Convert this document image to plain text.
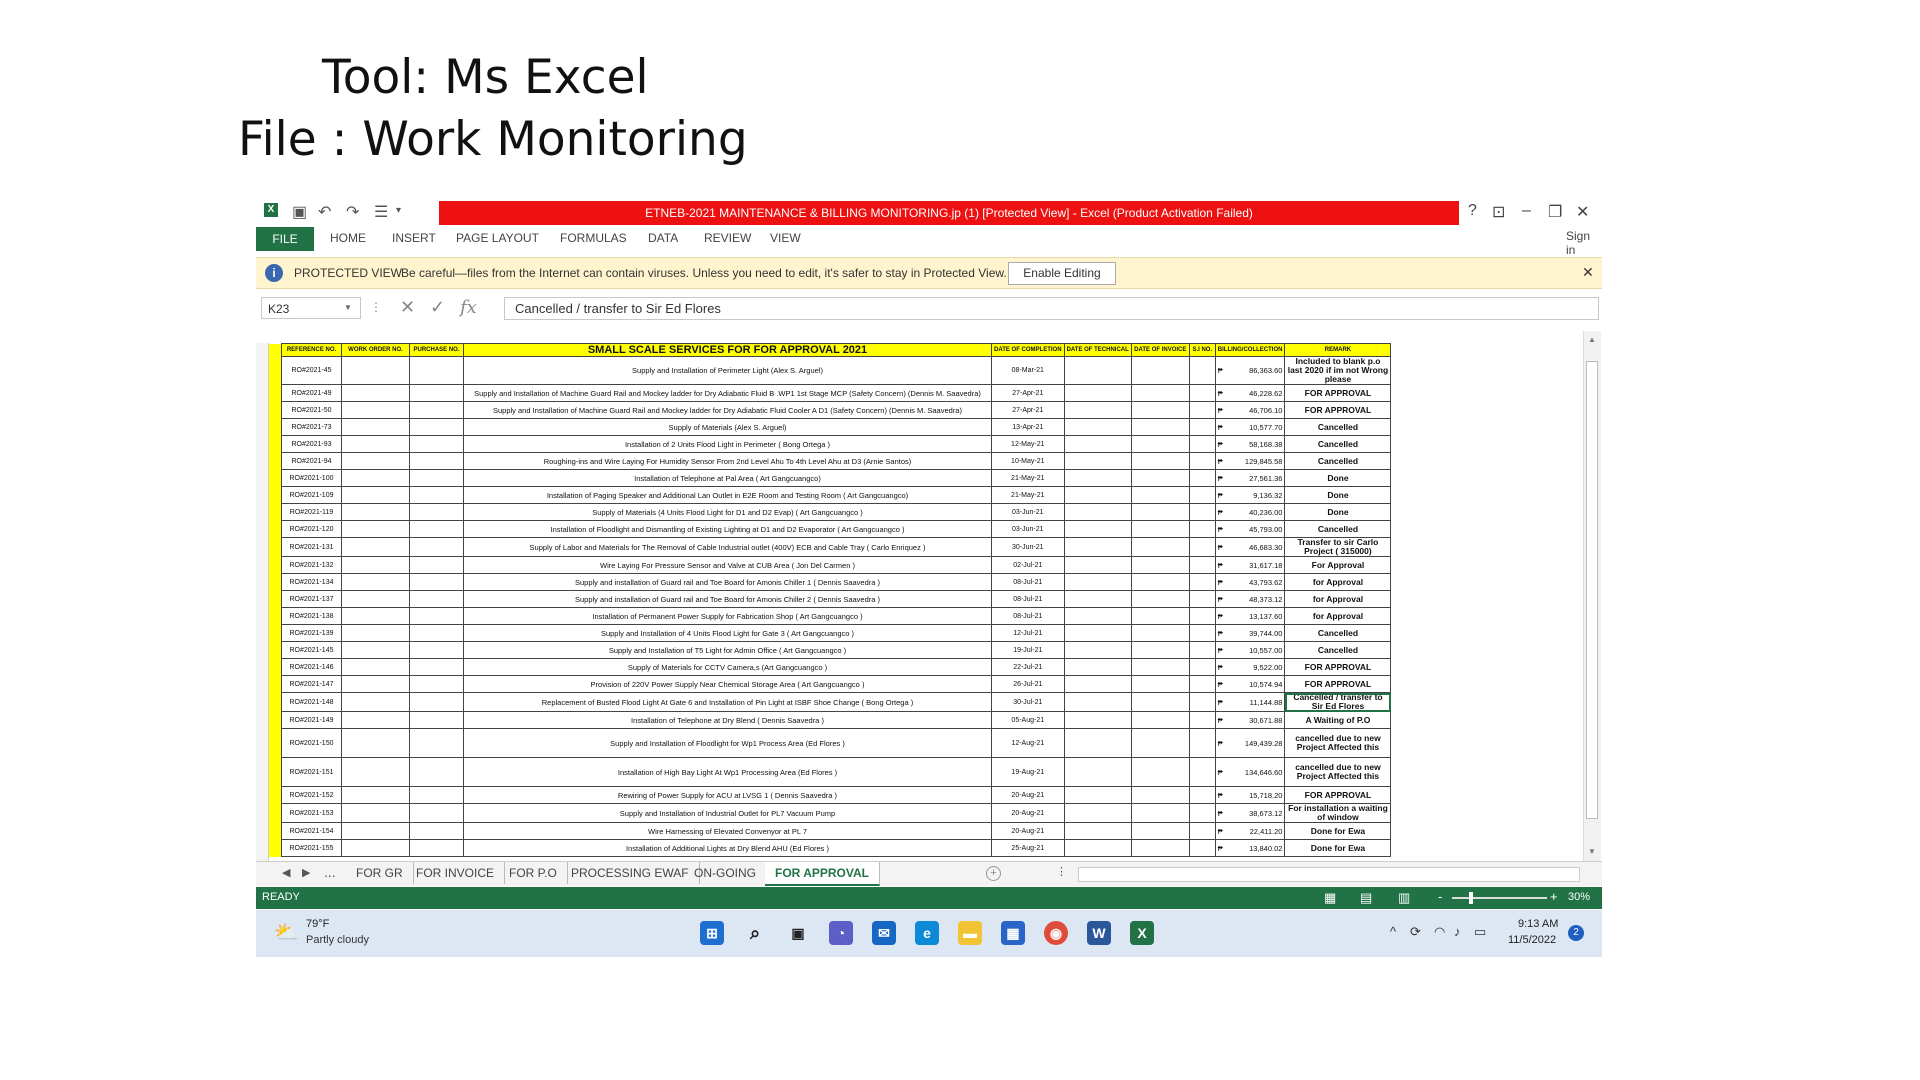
Tool: Ms Excel
File : Work Monitoring
X ▣ ↶ ↷ ☰ ▾	ETNEB-2021 MAINTENANCE & BILLING MONITORING.jp (1) [Protected View] - Excel (Product Activation Failed)	? ⊡ – ❐ ✕
FILE	HOME INSERT PAGE LAYOUT FORMULAS DATA REVIEW VIEW	Sign in
i	PROTECTED VIEW
Be careful—files from the Internet can contain viruses. Unless you need to edit, it's safer to stay in Protected View.	Enable Editing	✕
K23	▼ ⋮ ✕ ✓ fx	Cancelled / transfer to Sir Ed Flores
	REFERENCE NO.	WORK ORDER NO.	PURCHASE NO.	SMALL SCALE SERVICES FOR FOR APPROVAL 2021	DATE OF COMPLETION	DATE OF TECHNICAL	DATE OF INVOICE	S.I NO.	BILLING/COLLECTION	REMARK
	RO#2021-45			Supply and Installation of Perimeter Light (Alex S. Arguel)	08-Mar-21				₱ 86,363.60	Included to blank p.o last 2020 if im not Wrong please
	RO#2021-49			Supply and Installation of Machine Guard Rail and Mockey ladder for Dry Adiabatic Fluid B .WP1 1st Stage MCP (Safety Concern) (Dennis M. Saavedra)	27-Apr-21				₱ 46,228.62	FOR APPROVAL
	RO#2021-50			Supply and Installation of Machine Guard Rail and Mockey ladder for Dry Adiabatic Fluid Cooler A D1 (Safety Concern) (Dennis M. Saavedra)	27-Apr-21				₱ 46,706.10	FOR APPROVAL
	RO#2021-73			Supply of Materials (Alex S. Arguel)	13-Apr-21				₱ 10,577.70	Cancelled
	RO#2021-93			Installation of 2 Units Flood Light in Perimeter ( Bong Ortega )	12-May-21				₱ 58,168.38	Cancelled
	RO#2021-94			Roughing-ins and Wire Laying For Humidity Sensor From 2nd Level Ahu To 4th Level Ahu at D3 (Arnie Santos)	10-May-21				₱ 129,845.58	Cancelled
	RO#2021-100			Installation of Telephone at Pal Area ( Art Gangcuangco)	21-May-21				₱ 27,561.36	Done
	RO#2021-109			Installation of Paging Speaker and Additional Lan Outlet in E2E Room and Testing Room ( Art Gangcuangco)	21-May-21				₱ 9,136.32	Done
	RO#2021-119			Supply of Materials (4 Units Flood Light for D1 and D2 Evap) ( Art Gangcuangco )	03-Jun-21				₱ 40,236.00	Done
	RO#2021-120			Installation of Floodlight and Dismantling of Existing Lighting at D1 and D2 Evaporator ( Art Gangcuangco )	03-Jun-21				₱ 45,793.00	Cancelled
	RO#2021-131			Supply of Labor and Materials for The Removal of Cable Industrial outlet (400V) ECB and Cable Tray ( Carlo Enriquez )	30-Jun-21				₱ 46,683.30	Transfer to sir Carlo Project ( 315000)
	RO#2021-132			Wire Laying For Pressure Sensor and Valve at CUB Area ( Jon Del Carmen )	02-Jul-21				₱ 31,617.18	For Approval
	RO#2021-134			Supply and installation of Guard rail and Toe Board for Amonis Chiller 1 ( Dennis Saavedra )	08-Jul-21				₱ 43,793.62	for Approval
	RO#2021-137			Supply and installation of Guard rail and Toe Board for Amonis Chiller 2 ( Dennis Saavedra )	08-Jul-21				₱ 48,373.12	for Approval
	RO#2021-138			Installation of Permanent Power Supply for Fabrication Shop ( Art Gangcuangco )	08-Jul-21				₱ 13,137.60	for Approval
	RO#2021-139			Supply and Installation of 4 Units Flood Light for Gate 3 ( Art Gangcuangco )	12-Jul-21				₱ 39,744.00	Cancelled
	RO#2021-145			Supply and Installation of T5 Light for Admin Office ( Art Gangcuangco )	19-Jul-21				₱ 10,557.00	Cancelled
	RO#2021-146			Supply of Materials for CCTV Camera,s (Art Gangcuangco )	22-Jul-21				₱ 9,522.00	FOR APPROVAL
	RO#2021-147			Provision of 220V Power Supply Near Chemical Storage Area ( Art Gangcuangco )	26-Jul-21				₱ 10,574.94	FOR APPROVAL
	RO#2021-148			Replacement of Busted Flood Light At Gate 6 and Installation of Pin Light at ISBF Shoe Change ( Bong Ortega )	30-Jul-21				₱ 11,144.88	Cancelled / transfer to Sir Ed Flores
	RO#2021-149			Installation of Telephone at Dry Blend ( Dennis Saavedra )	05-Aug-21				₱ 30,671.88	A Waiting of P.O
	RO#2021-150			Supply and Installation of Floodlight for Wp1 Process Area (Ed Flores )	12-Aug-21				₱ 149,439.28	cancelled due to new Project Affected this
	RO#2021-151			Installation of High Bay Light At Wp1 Processing Area (Ed Flores )	19-Aug-21				₱ 134,646.60	cancelled due to new Project Affected this
	RO#2021-152			Rewiring of Power Supply for ACU at LVSG 1 ( Dennis Saavedra )	20-Aug-21				₱ 15,718.20	FOR APPROVAL
	RO#2021-153			Supply and Installation of Industrial Outlet for PL7 Vacuum Pump	20-Aug-21				₱ 38,673.12	For installation a waiting of window
	RO#2021-154			Wire Harnessing of Elevated Convenyor at PL 7	20-Aug-21				₱ 22,411.20	Done for Ewa
	RO#2021-155			Installation of Additional Lights at Dry Blend AHU (Ed Flores )	25-Aug-21				₱ 13,840.02	Done for Ewa
▲
▼
◀ ▶ ...	FOR GR	FOR INVOICE	FOR P.O	PROCESSING EWAF ON-GOING	FOR APPROVAL	+	⋮
READY	▦ ▤ ▥ -	+ 30%
⛅ 79°F
Partly cloudy	⊞	⌕	▣	◔	✉	e	▬	▦	◉	W	X	^ ⟳ ◠ ♪ ▭	9:13 AM
11/5/2022
2
